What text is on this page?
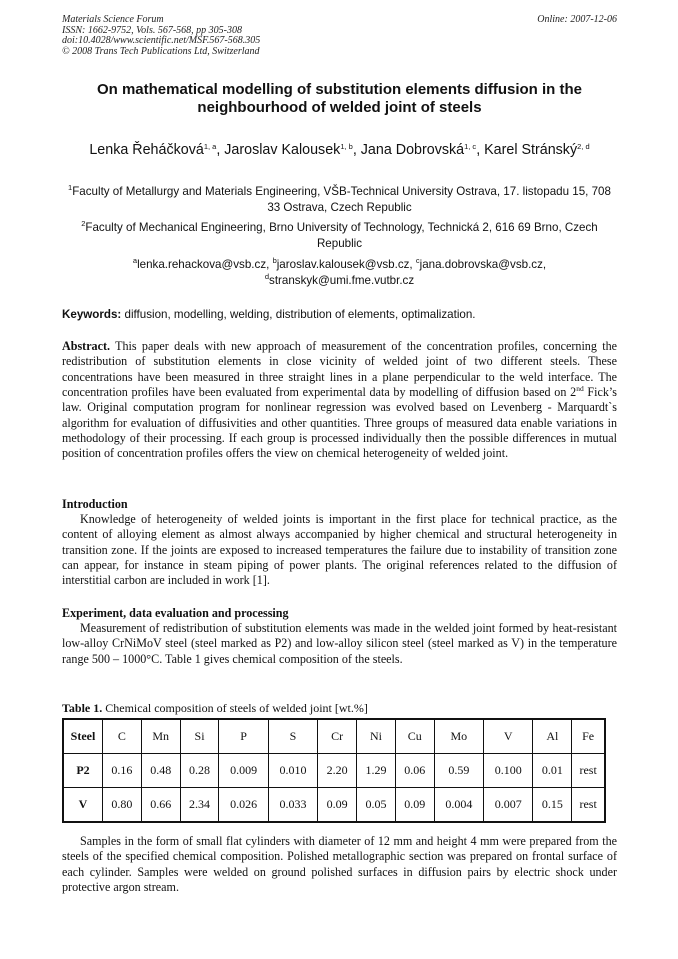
Materials Science Forum
ISSN: 1662-9752, Vols. 567-568, pp 305-308
doi:10.4028/www.scientific.net/MSF.567-568.305
© 2008 Trans Tech Publications Ltd, Switzerland
Online: 2007-12-06
On mathematical modelling of substitution elements diffusion in the neighbourhood of welded joint of steels
Lenka Řeháčková$^{1, a}$, Jaroslav Kalousek$^{1, b}$, Jana Dobrovská$^{1, c}$, Karel Stránský$^{2, d}$
$^1$Faculty of Metallurgy and Materials Engineering, VŠB-Technical University Ostrava, 17. listopadu 15, 708 33 Ostrava, Czech Republic
$^2$Faculty of Mechanical Engineering, Brno University of Technology, Technická 2, 616 69 Brno, Czech Republic
$^a$lenka.rehackova@vsb.cz, $^b$jaroslav.kalousek@vsb.cz, $^c$jana.dobrovska@vsb.cz,
$^d$stranskyk@umi.fme.vutbr.cz
Keywords: diffusion, modelling, welding, distribution of elements, optimalization.
Abstract. This paper deals with new approach of measurement of the concentration profiles, concerning the redistribution of substitution elements in close vicinity of welded joint of two different steels. These concentrations have been measured in three straight lines in a plane perpendicular to the weld interface. The concentration profiles have been evaluated from experimental data by modelling of diffusion based on 2nd Fick’s law. Original computation program for nonlinear regression was evolved based on Levenberg - Marquardt`s algorithm for evaluation of diffusivities and other quantities. Three groups of measured data enable variations in methodology of their processing. If each group is processed individually then the possible differences in mutual position of concentration profiles offers the view on chemical heterogeneity of welded joint.
Introduction
Knowledge of heterogeneity of welded joints is important in the first place for technical practice, as the content of alloying element as almost always accompanied by higher chemical and structural heterogeneity in transition zone. If the joints are exposed to increased temperatures the failure due to instability of transition zone can appear, for instance in steam piping of power plants. The original references related to the diffusion of interstitial carbon are included in work [1].
Experiment, data evaluation and processing
Measurement of redistribution of substitution elements was made in the welded joint formed by heat-resistant low-alloy CrNiMoV steel (steel marked as P2) and low-alloy silicon steel (steel marked as V) in the temperature range 500 – 1000°C. Table 1 gives chemical composition of the steels.
Table 1. Chemical composition of steels of welded joint [wt.%]
Steel	C	Mn	Si	P	S	Cr	Ni	Cu	Mo	V	Al	Fe
P2	0.16	0.48	0.28	0.009	0.010	2.20	1.29	0.06	0.59	0.100	0.01	rest
V	0.80	0.66	2.34	0.026	0.033	0.09	0.05	0.09	0.004	0.007	0.15	rest
Samples in the form of small flat cylinders with diameter of 12 mm and height 4 mm were prepared from the steels of the specified chemical composition. Polished metallographic section was prepared on frontal surface of each cylinder. Samples were welded on ground polished surfaces in diffusion pairs by electric shock under protective argon stream.
